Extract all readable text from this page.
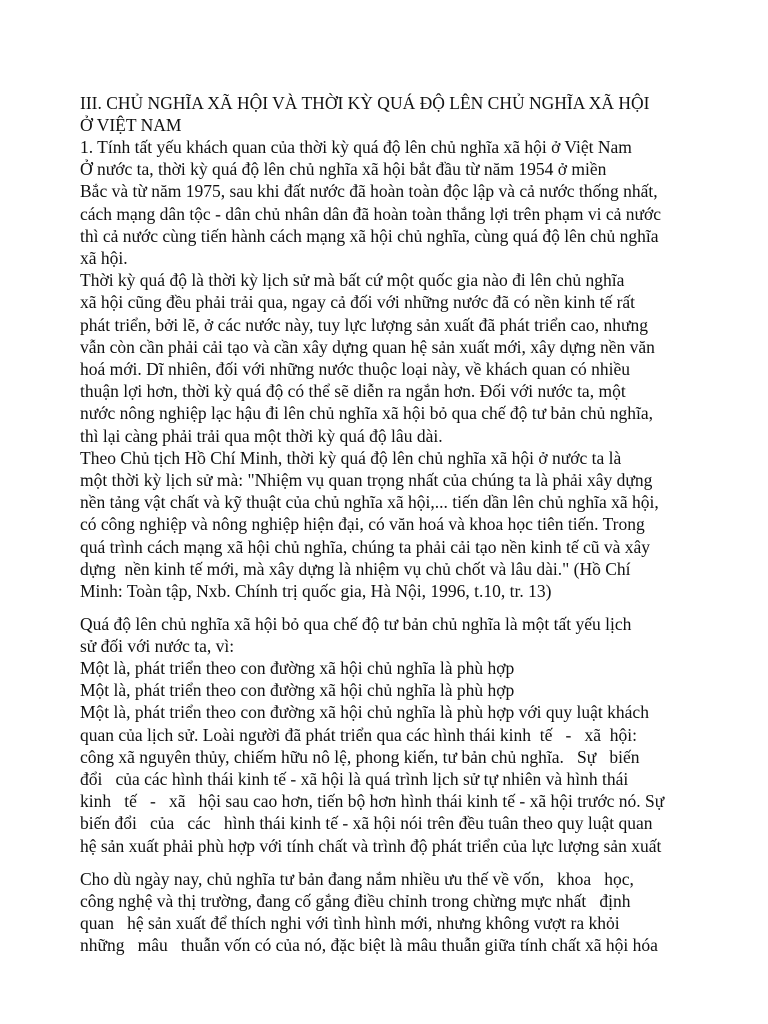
III. CHỦ NGHĨA XÃ HỘI VÀ THỜI KỲ QUÁ ĐỘ LÊN CHỦ NGHĨA XÃ HỘI
Ở VIỆT NAM
1. Tính tất yếu khách quan của thời kỳ quá độ lên chủ nghĩa xã hội ở Việt Nam
Ở nước ta, thời kỳ quá độ lên chủ nghĩa xã hội bắt đầu từ năm 1954 ở miền
Bắc và từ năm 1975, sau khi đất nước đã hoàn toàn độc lập và cả nước thống nhất,
cách mạng dân tộc - dân chủ nhân dân đã hoàn toàn thắng lợi trên phạm vi cả nước
thì cả nước cùng tiến hành cách mạng xã hội chủ nghĩa, cùng quá độ lên chủ nghĩa
xã hội.
Thời kỳ quá độ là thời kỳ lịch sử mà bất cứ một quốc gia nào đi lên chủ nghĩa
xã hội cũng đều phải trải qua, ngay cả đối với những nước đã có nền kinh tế rất
phát triển, bởi lẽ, ở các nước này, tuy lực lượng sản xuất đã phát triển cao, nhưng
vẫn còn cần phải cải tạo và cần xây dựng quan hệ sản xuất mới, xây dựng nền văn
hoá mới. Dĩ nhiên, đối với những nước thuộc loại này, về khách quan có nhiều
thuận lợi hơn, thời kỳ quá độ có thể sẽ diễn ra ngắn hơn. Đối với nước ta, một
nước nông nghiệp lạc hậu đi lên chủ nghĩa xã hội bỏ qua chế độ tư bản chủ nghĩa,
thì lại càng phải trải qua một thời kỳ quá độ lâu dài.
Theo Chủ tịch Hồ Chí Minh, thời kỳ quá độ lên chủ nghĩa xã hội ở nước ta là
một thời kỳ lịch sử mà: "Nhiệm vụ quan trọng nhất của chúng ta là phải xây dựng
nền tảng vật chất và kỹ thuật của chủ nghĩa xã hội,... tiến dần lên chủ nghĩa xã hội,
có công nghiệp và nông nghiệp hiện đại, có văn hoá và khoa học tiên tiến. Trong
quá trình cách mạng xã hội chủ nghĩa, chúng ta phải cải tạo nền kinh tế cũ và xây
dựng  nền kinh tế mới, mà xây dựng là nhiệm vụ chủ chốt và lâu dài." (Hồ Chí
Minh: Toàn tập, Nxb. Chính trị quốc gia, Hà Nội, 1996, t.10, tr. 13)
Quá độ lên chủ nghĩa xã hội bỏ qua chế độ tư bản chủ nghĩa là một tất yếu lịch
sử đối với nước ta, vì:
Một là, phát triển theo con đường xã hội chủ nghĩa là phù hợp
Một là, phát triển theo con đường xã hội chủ nghĩa là phù hợp
Một là, phát triển theo con đường xã hội chủ nghĩa là phù hợp với quy luật khách
quan của lịch sử. Loài người đã phát triển qua các hình thái kinh  tế   -   xã  hội:
công xã nguyên thủy, chiếm hữu nô lệ, phong kiến, tư bản chủ nghĩa.   Sự   biến
đổi   của các hình thái kinh tế - xã hội là quá trình lịch sử tự nhiên và hình thái
kinh   tế   -   xã   hội sau cao hơn, tiến bộ hơn hình thái kinh tế - xã hội trước nó. Sự
biến đổi   của   các   hình thái kinh tế - xã hội nói trên đều tuân theo quy luật quan
hệ sản xuất phải phù hợp với tính chất và trình độ phát triển của lực lượng sản xuất
Cho dù ngày nay, chủ nghĩa tư bản đang nắm nhiều ưu thế về vốn,   khoa   học,
công nghệ và thị trường, đang cố gắng điều chỉnh trong chừng mực nhất   định
quan   hệ sản xuất để thích nghi với tình hình mới, nhưng không vượt ra khỏi
những   mâu   thuẫn vốn có của nó, đặc biệt là mâu thuẫn giữa tính chất xã hội hóa
